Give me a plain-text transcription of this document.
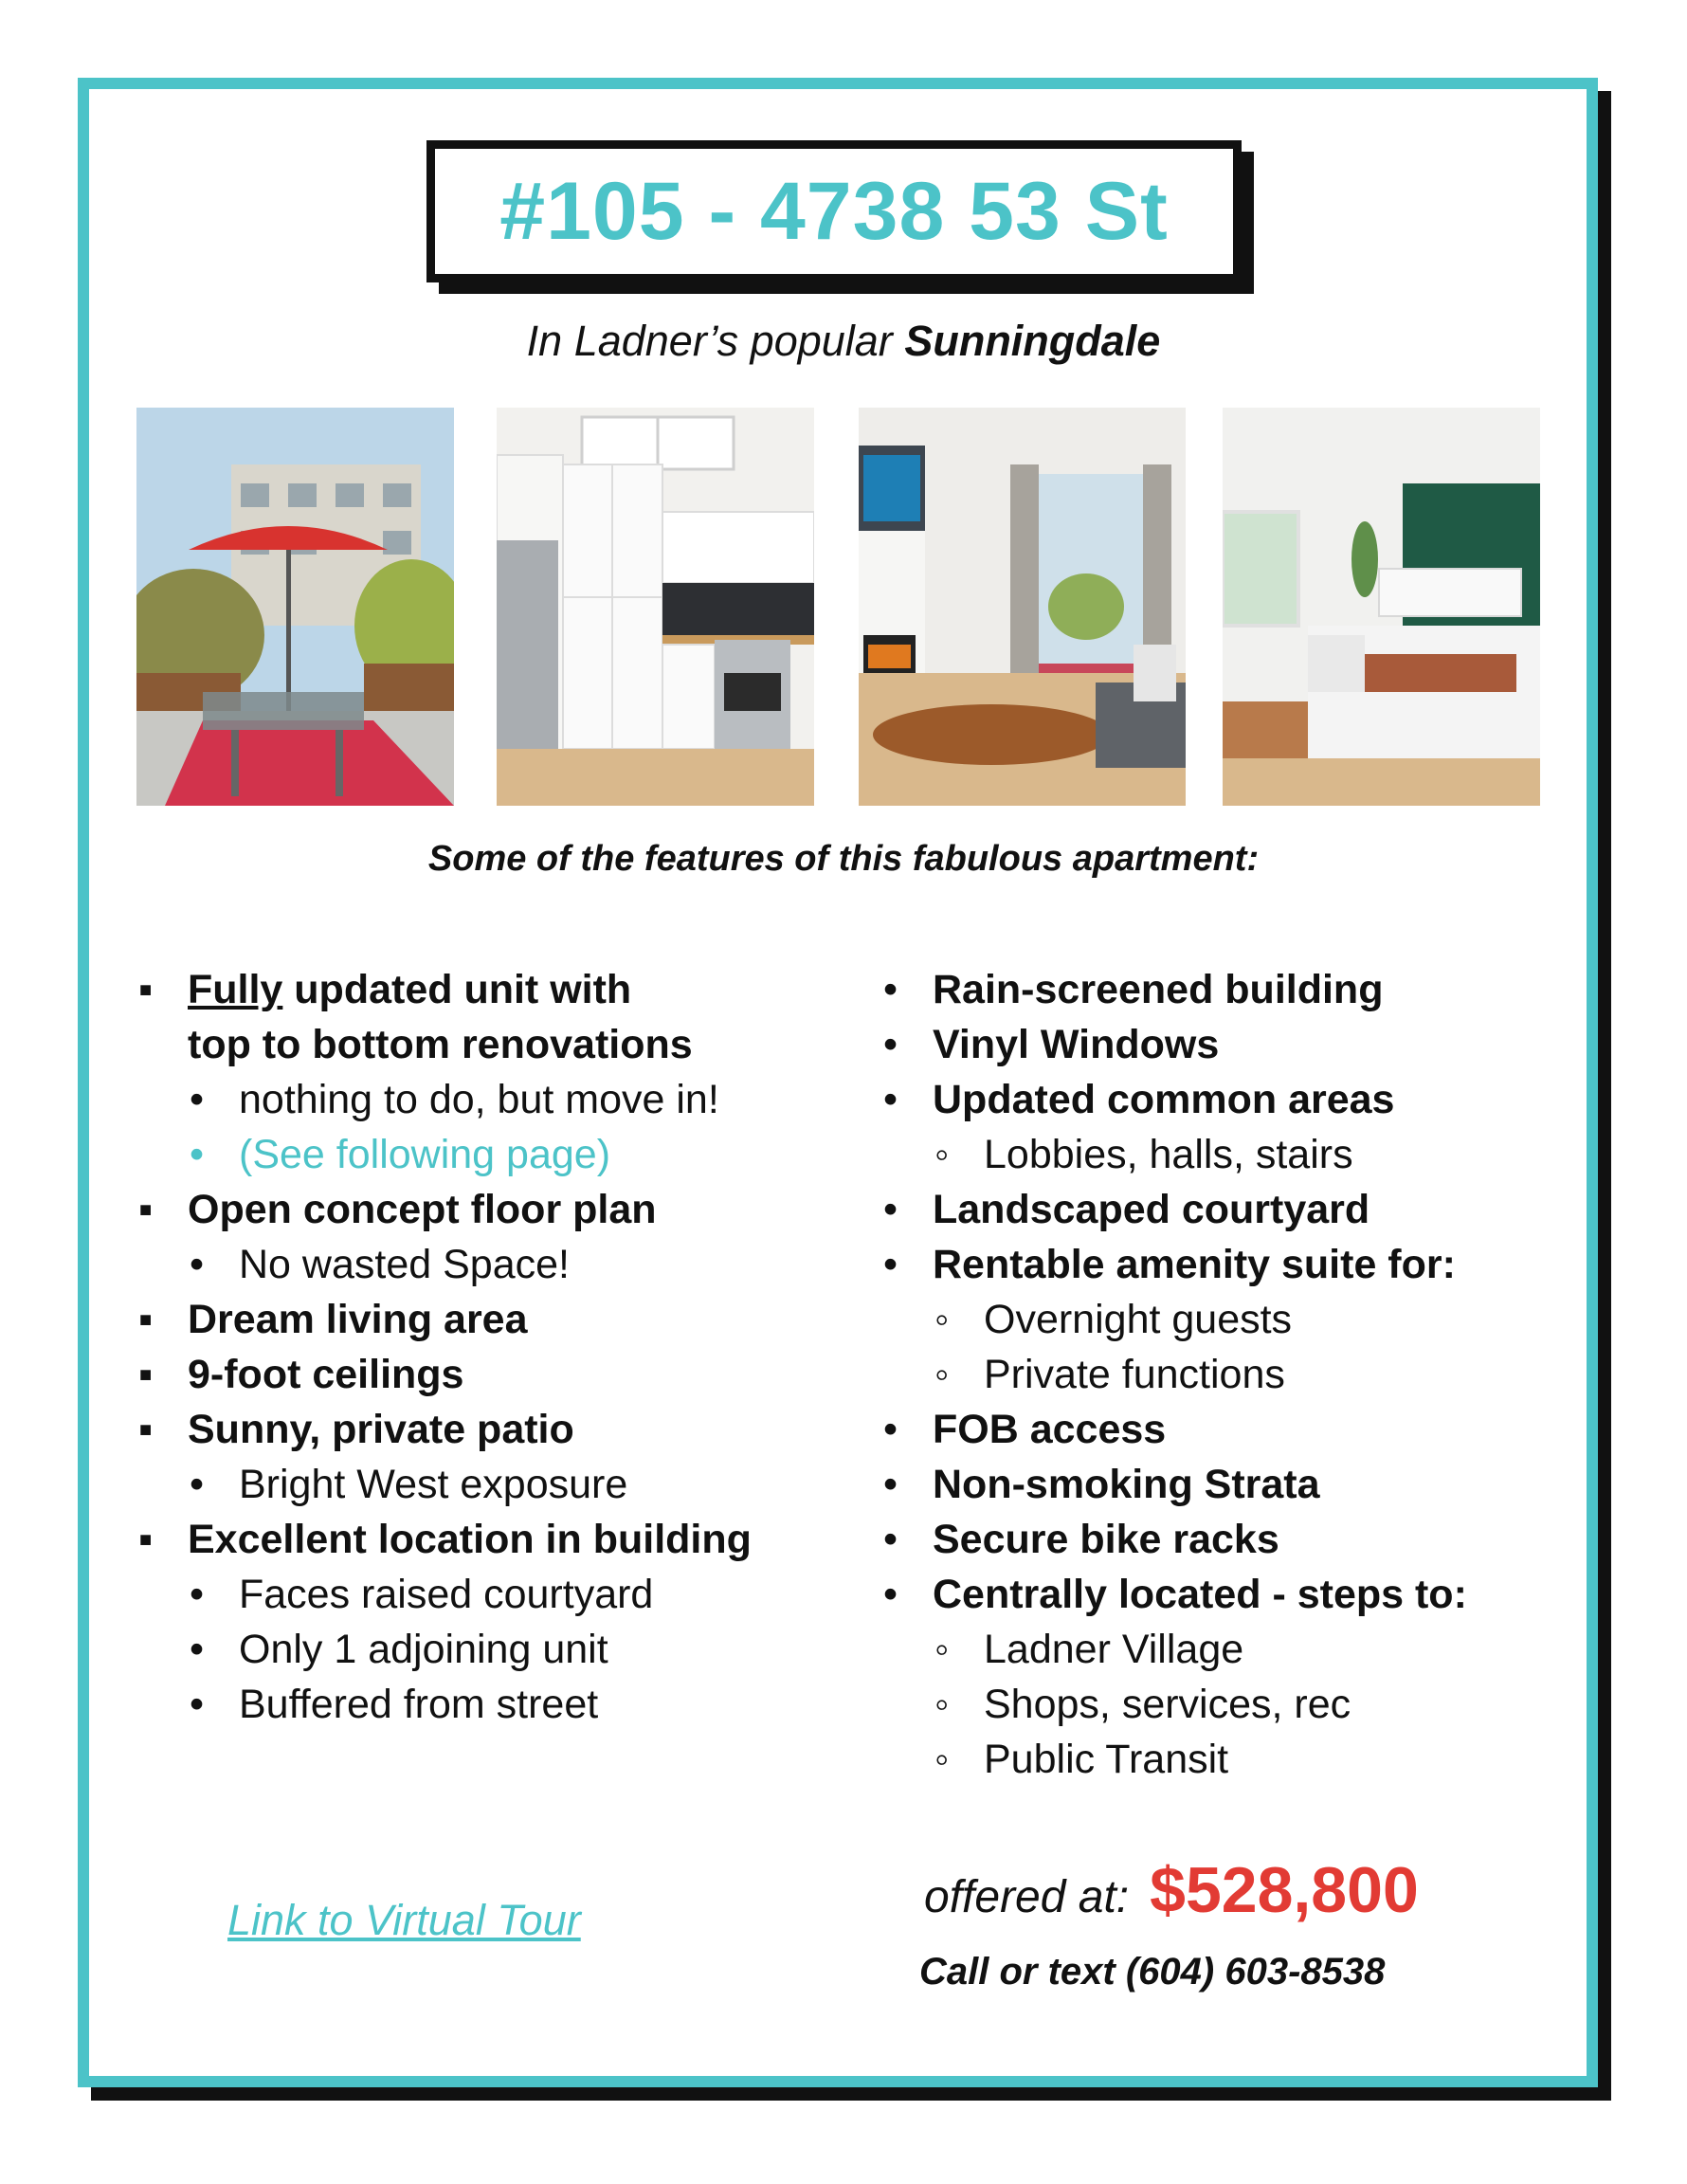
#105 - 4738 53 St
In Ladner’s popular Sunningdale
Some of the features of this fabulous apartment:
▪ Fully updated unit with
top to bottom renovations
• nothing to do, but move in!
• (See following page)
▪ Open concept floor plan
• No wasted Space!
▪ Dream living area
▪ 9-foot ceilings
▪ Sunny, private patio
• Bright West exposure
▪ Excellent location in building
• Faces raised courtyard
• Only 1 adjoining unit
• Buffered from street
• Rain-screened building
• Vinyl Windows
• Updated common areas
◦ Lobbies, halls, stairs
• Landscaped courtyard
• Rentable amenity suite for:
◦ Overnight guests
◦ Private functions
• FOB access
• Non-smoking Strata
• Secure bike racks
• Centrally located - steps to:
◦ Ladner Village
◦ Shops, services, rec
◦ Public Transit
Link to Virtual Tour	offered at: $528,800
Call or text (604) 603-8538
